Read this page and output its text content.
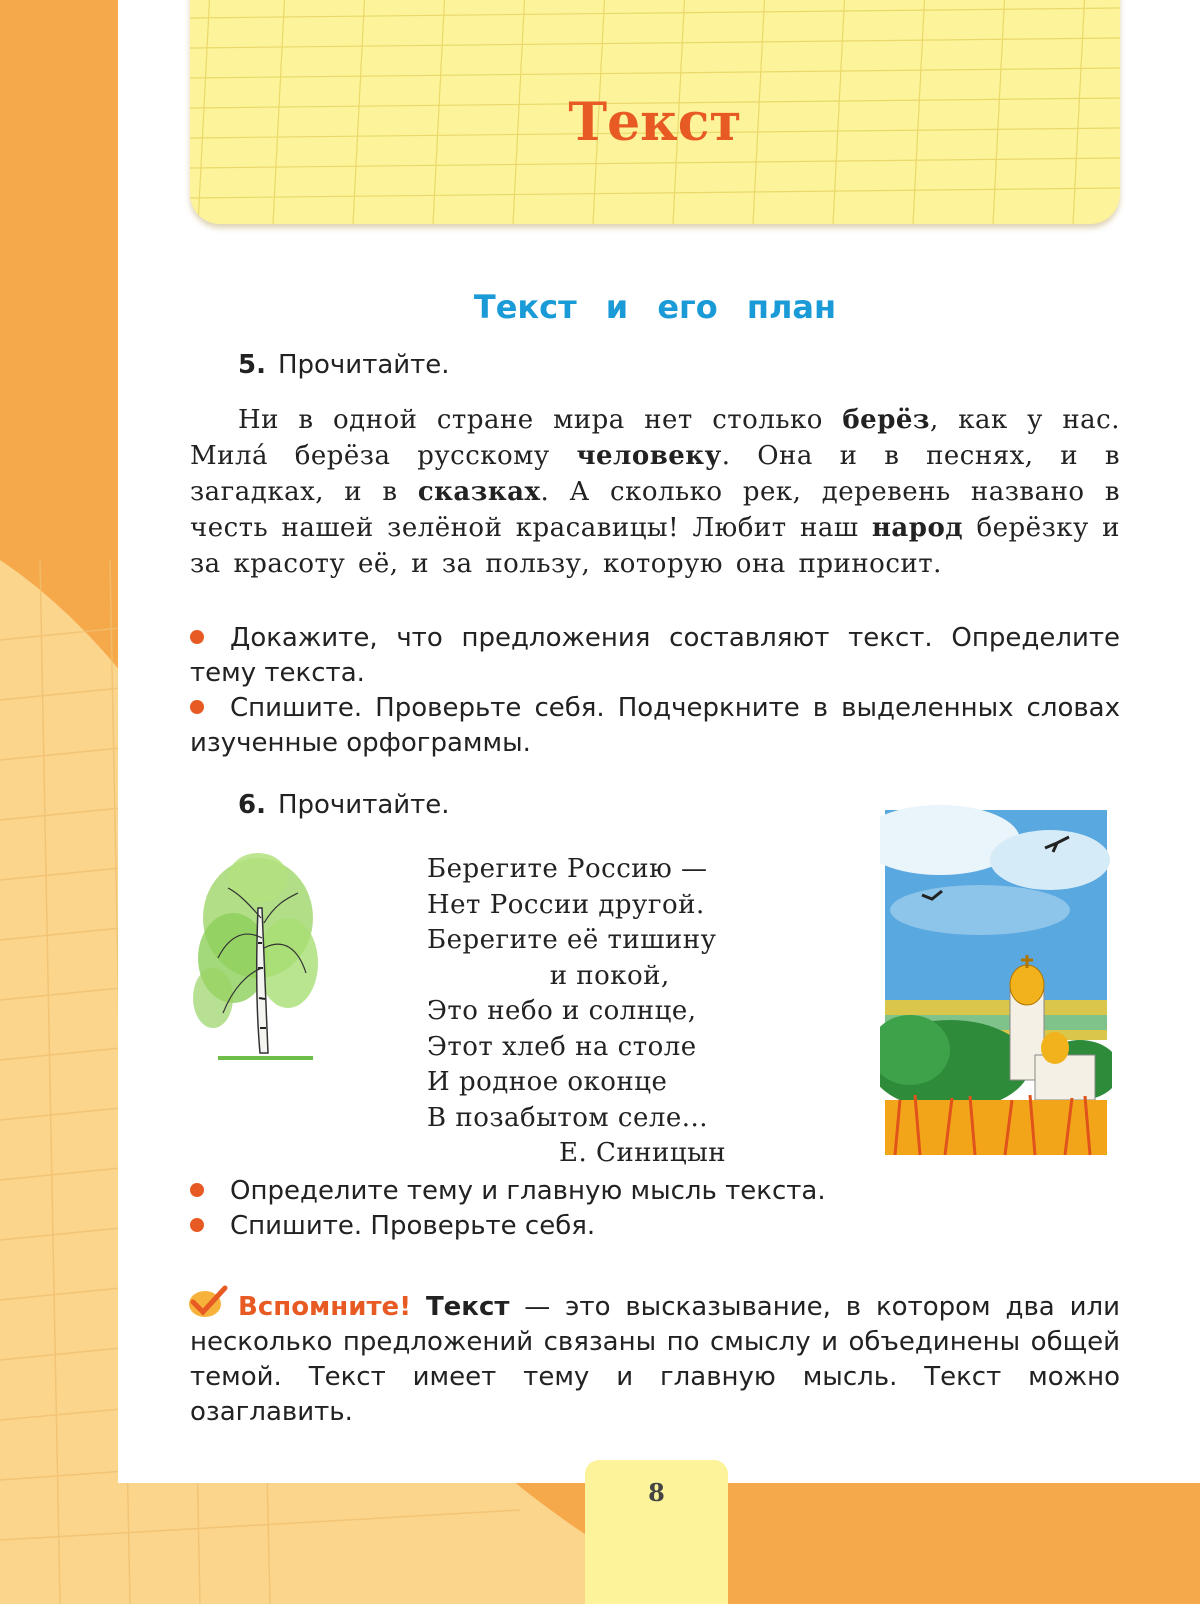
Текст
Текст и его план
5. Прочитайте.

Ни в одной стране мира нет столько берёз, как у нас. Мила́ берёза русскому человеку. Она и в песнях, и в загадках, и в сказках. А сколько рек, деревень названо в честь нашей зелёной красавицы! Любит наш народ берёзку и за красоту её, и за пользу, которую она приносит.

Докажите, что предложения составляют текст. Определите тему текста.

Спишите. Проверьте себя. Подчеркните в выделенных словах изученные орфограммы.

6. Прочитайте.
Берегите Россию —
Нет России другой.
Берегите её тишину
и покой,
Это небо и солнце,
Этот хлеб на столе
И родное оконце
В позабытом селе...
Е. Синицын

Определите тему и главную мысль текста.

Спишите. Проверьте себя.

Вспомните! Текст — это высказывание, в котором два или несколько предложений связаны по смыслу и объединены общей темой. Текст имеет тему и главную мысль. Текст можно озаглавить.

8
